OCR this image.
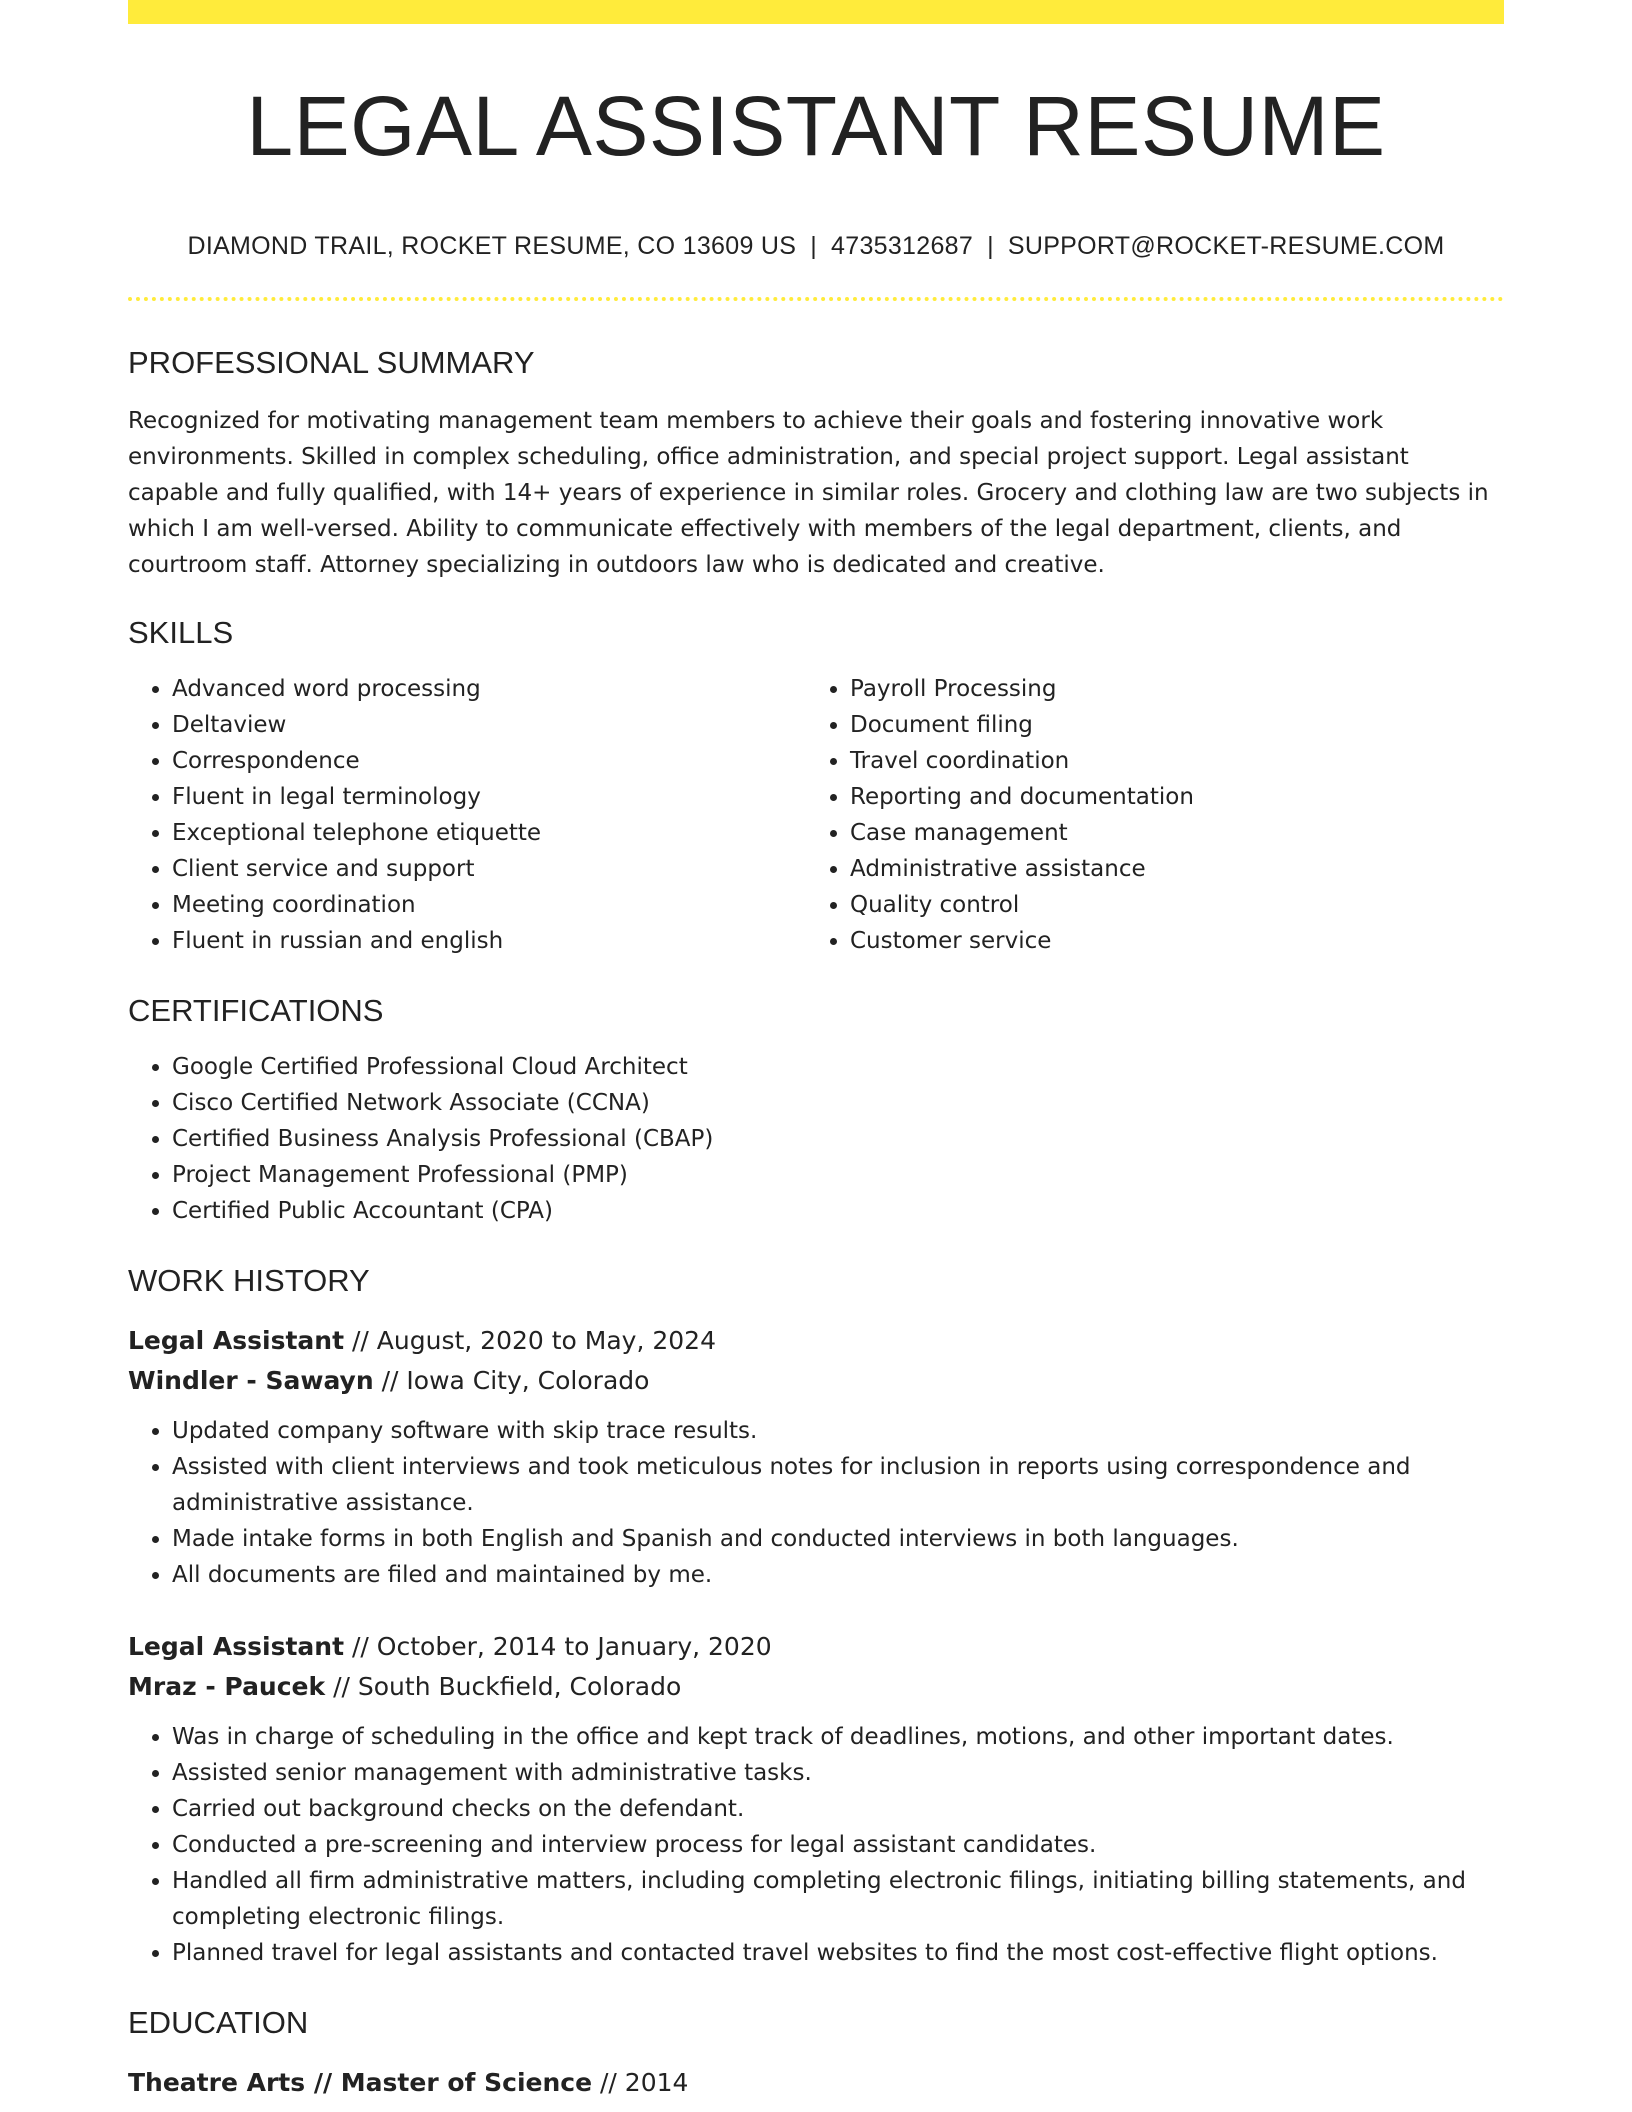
LEGAL ASSISTANT RESUME
DIAMOND TRAIL, ROCKET RESUME, CO 13609 US | 4735312687 | SUPPORT@ROCKET-RESUME.COM
PROFESSIONAL SUMMARY

Recognized for motivating management team members to achieve their goals and fostering innovative work environments. Skilled in complex scheduling, office administration, and special project support. Legal assistant capable and fully qualified, with 14+ years of experience in similar roles. Grocery and clothing law are two subjects in which I am well-versed. Ability to communicate effectively with members of the legal department, clients, and courtroom staff. Attorney specializing in outdoors law who is dedicated and creative.

SKILLS
• Advanced word processing
• Deltaview
• Correspondence
• Fluent in legal terminology
• Exceptional telephone etiquette
• Client service and support
• Meeting coordination
• Fluent in russian and english
• Payroll Processing
• Document filing
• Travel coordination
• Reporting and documentation
• Case management
• Administrative assistance
• Quality control
• Customer service
CERTIFICATIONS
• Google Certified Professional Cloud Architect
• Cisco Certified Network Associate (CCNA)
• Certified Business Analysis Professional (CBAP)
• Project Management Professional (PMP)
• Certified Public Accountant (CPA)
WORK HISTORY
Legal Assistant // August, 2020 to May, 2024
Windler - Sawayn // Iowa City, Colorado
• Updated company software with skip trace results.
• Assisted with client interviews and took meticulous notes for inclusion in reports using correspondence and administrative assistance.
• Made intake forms in both English and Spanish and conducted interviews in both languages.
• All documents are filed and maintained by me.
Legal Assistant // October, 2014 to January, 2020
Mraz - Paucek // South Buckfield, Colorado
• Was in charge of scheduling in the office and kept track of deadlines, motions, and other important dates.
• Assisted senior management with administrative tasks.
• Carried out background checks on the defendant.
• Conducted a pre-screening and interview process for legal assistant candidates.
• Handled all firm administrative matters, including completing electronic filings, initiating billing statements, and completing electronic filings.
• Planned travel for legal assistants and contacted travel websites to find the most cost-effective flight options.
EDUCATION
Theatre Arts // Master of Science // 2014
